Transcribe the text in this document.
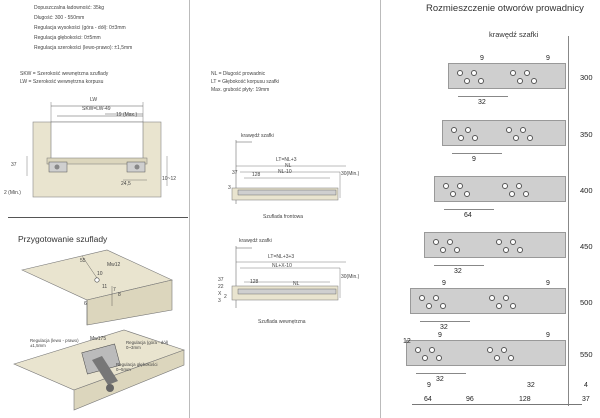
Dopuszczalna ładowność: 35kg
Długość: 300 - 550mm
Regulacja wysokości (góra - dół): 0±3mm
Regulacja głębokości: 0±5mm
Regulacja szerokości (lewo-prawo): ±1,5mm
SKW = Szerokość wewnętrzna szuflady
LW = Szerokość wewnętrzna korpusu
LW
SKW=LW-49
19 (Max.)
37
24,5
10~12
2 (Min.)
Przygotowanie szuflady
55
Mw12
7
10
11
8
6
Regulacja (lewo - prawo) ±1,5mm
Mw175
Regulacja (góra - dół) 0~3mm
Regulacja głębokości 0~5mm
NL = Długość prowadnic
LT = Głębokość korpusu szafki
Max. grubość płyty: 19mm
krawędź szafki
LT=NL+3
NL
NL-10
37	128
3
30(Min.)
Szuflada frontowa
krawędź szafki
LT=NL+3+3
NL+X-10
NL
37
22
X
3
2
128
30(Min.)
Szuflada wewnętrzna
Rozmieszczenie otworów prowadnicy
krawędź szafki
300
9	9
32
350
9
400
64
450
32
500
9	9
32
550
9	9
32
12
9
64	96
32
128	37
4
